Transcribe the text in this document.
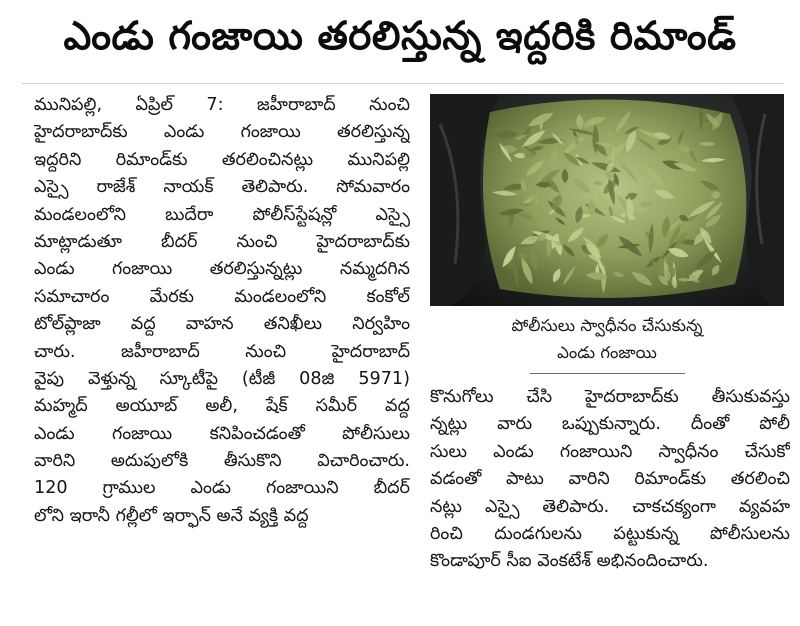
ఎండు గంజాయి తరలిస్తున్న ఇద్దరికి రిమాండ్
మునిపల్లి, ఏప్రిల్ 7: జహీరాబాద్ నుంచి
హైదరాబాద్‌కు ఎండు గంజాయి తరలిస్తున్న
ఇద్దరిని రిమాండ్‌కు తరలించినట్లు మునిపల్లి
ఎస్సై రాజేశ్ నాయక్ తెలిపారు. సోమవారం
మండలంలోని బుదేరా పోలీస్‌స్టేషన్లో ఎస్సై
మాట్లాడుతూ బీదర్ నుంచి హైదరాబాద్‌కు
ఎండు గంజాయి తరలిస్తున్నట్లు నమ్మదగిన
సమాచారం మేరకు మండలంలోని కంకోల్
టోల్‌ప్లాజా వద్ద వాహన తనిఖీలు నిర్వహిం
చారు. జహీరాబాద్ నుంచి హైదరాబాద్
వైపు వెళ్తున్న స్కూటీపై (టీజీ 08జి 5971)
మహ్మద్ అయూబ్ అలీ, షేక్ సమీర్ వద్ద
ఎండు గంజాయి కనిపించడంతో పోలీసులు
వారిని అదుపులోకి తీసుకొని విచారించారు.
120 గ్రాముల ఎండు గంజాయిని బీదర్
లోని ఇరానీ గల్లీలో ఇర్ఫాన్ అనే వ్యక్తి వద్ద
పోలీసులు స్వాధీనం చేసుకున్న
ఎండు గంజాయి
కొనుగోలు చేసి హైదరాబాద్‌కు తీసుకువస్తు
న్నట్లు వారు ఒప్పుకున్నారు. దీంతో పోలీ
సులు ఎండు గంజాయిని స్వాధీనం చేసుకో
వడంతో పాటు వారిని రిమాండ్‌కు తరలించి
నట్లు ఎస్సై తెలిపారు. చాకచక్యంగా వ్యవహ
రించి దుండగులను పట్టుకున్న పోలీసులను
కొండాపూర్ సీఐ వెంకటేశ్ అభినందించారు.
